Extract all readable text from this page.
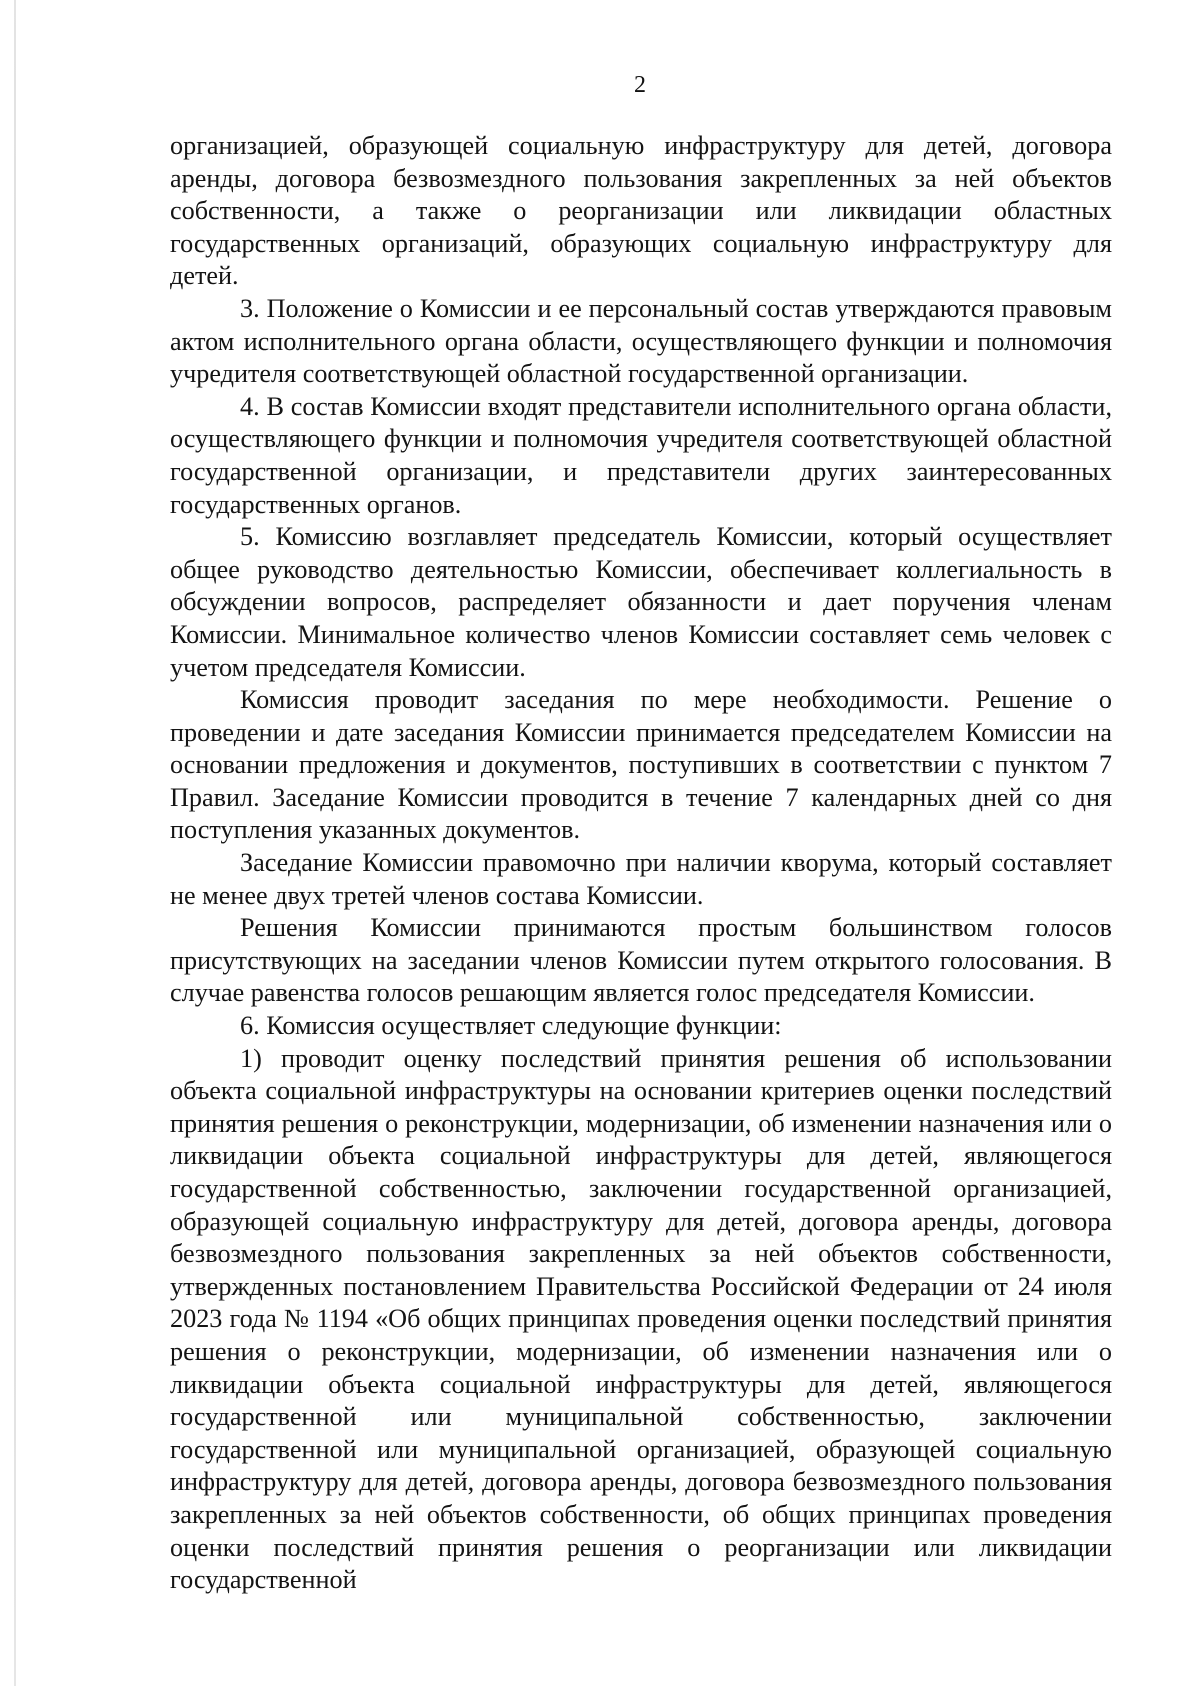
2

организацией, образующей социальную инфраструктуру для детей, договора аренды, договора безвозмездного пользования закрепленных за ней объектов собственности, а также о реорганизации или ликвидации областных государственных организаций, образующих социальную инфраструктуру для детей.

3. Положение о Комиссии и ее персональный состав утверждаются правовым актом исполнительного органа области, осуществляющего функции и полномочия учредителя соответствующей областной государственной организации.

4. В состав Комиссии входят представители исполнительного органа области, осуществляющего функции и полномочия учредителя соответствующей областной государственной организации, и представители других заинтересованных государственных органов.

5. Комиссию возглавляет председатель Комиссии, который осуществляет общее руководство деятельностью Комиссии, обеспечивает коллегиальность в обсуждении вопросов, распределяет обязанности и дает поручения членам Комиссии. Минимальное количество членов Комиссии составляет семь человек с учетом председателя Комиссии.

Комиссия проводит заседания по мере необходимости. Решение о проведении и дате заседания Комиссии принимается председателем Комиссии на основании предложения и документов, поступивших в соответствии с пунктом 7 Правил. Заседание Комиссии проводится в течение 7 календарных дней со дня поступления указанных документов.

Заседание Комиссии правомочно при наличии кворума, который составляет не менее двух третей членов состава Комиссии.

Решения Комиссии принимаются простым большинством голосов присутствующих на заседании членов Комиссии путем открытого голосования. В случае равенства голосов решающим является голос председателя Комиссии.

6. Комиссия осуществляет следующие функции:

1) проводит оценку последствий принятия решения об использовании объекта социальной инфраструктуры на основании критериев оценки последствий принятия решения о реконструкции, модернизации, об изменении назначения или о ликвидации объекта социальной инфраструктуры для детей, являющегося государственной собственностью, заключении государственной организацией, образующей социальную инфраструктуру для детей, договора аренды, договора безвозмездного пользования закрепленных за ней объектов собственности, утвержденных постановлением Правительства Российской Федерации от 24 июля 2023 года № 1194 «Об общих принципах проведения оценки последствий принятия решения о реконструкции, модернизации, об изменении назначения или о ликвидации объекта социальной инфраструктуры для детей, являющегося государственной или муниципальной собственностью, заключении государственной или муниципальной организацией, образующей социальную инфраструктуру для детей, договора аренды, договора безвозмездного пользования закрепленных за ней объектов собственности, об общих принципах проведения оценки последствий принятия решения о реорганизации или ликвидации государственной
